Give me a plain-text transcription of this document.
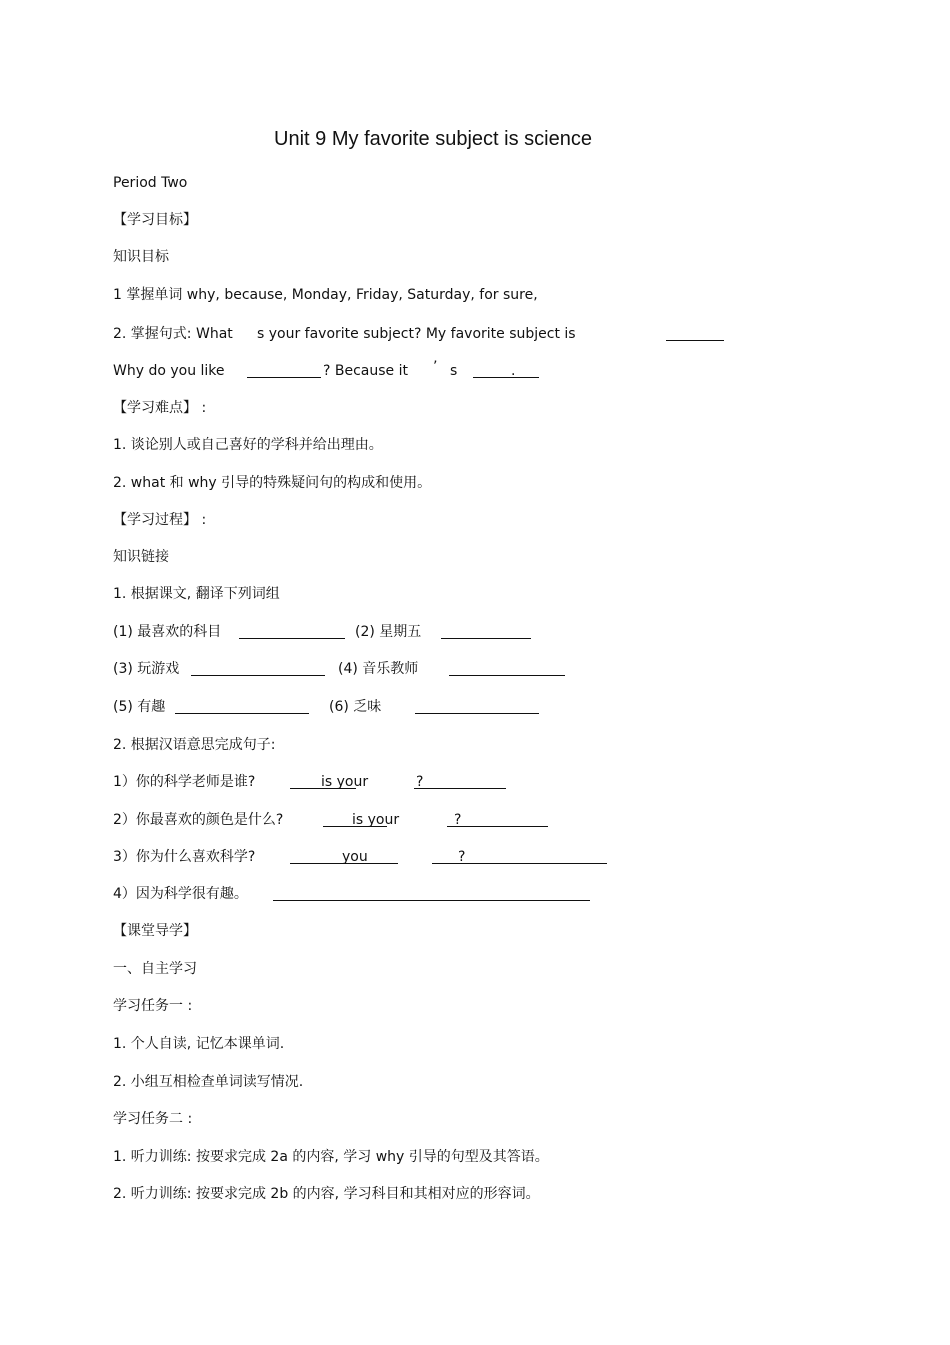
Unit 9 My favorite subject is science
Period Two
【学习目标】
知识目标
1 掌握单词 why, because, Monday, Friday, Saturday, for sure,
2. 掌握句式: What s your favorite subject? My favorite subject is
Why do you like	? Because it ’ s	.
【学习难点】 :
1. 谈论别人或自己喜好的学科并给出理由。
2. what 和 why 引导的特殊疑问句的构成和使用。
【学习过程】 :
知识链接
1. 根据课文, 翻译下列词组
(1) 最喜欢的科目	(2) 星期五
(3) 玩游戏	(4) 音乐教师
(5) 有趣	(6) 乏味
2. 根据汉语意思完成句子:
1）你的科学老师是谁?	is your	?
2）你最喜欢的颜色是什么?	is your	?
3）你为什么喜欢科学?	you	?
4）因为科学很有趣。
【课堂导学】
一、自主学习
学习任务一 :
1. 个人自读, 记忆本课单词.
2. 小组互相检查单词读写情况.
学习任务二 :
1. 听力训练: 按要求完成 2a 的内容, 学习 why 引导的句型及其答语。
2. 听力训练: 按要求完成 2b 的内容, 学习科目和其相对应的形容词。
